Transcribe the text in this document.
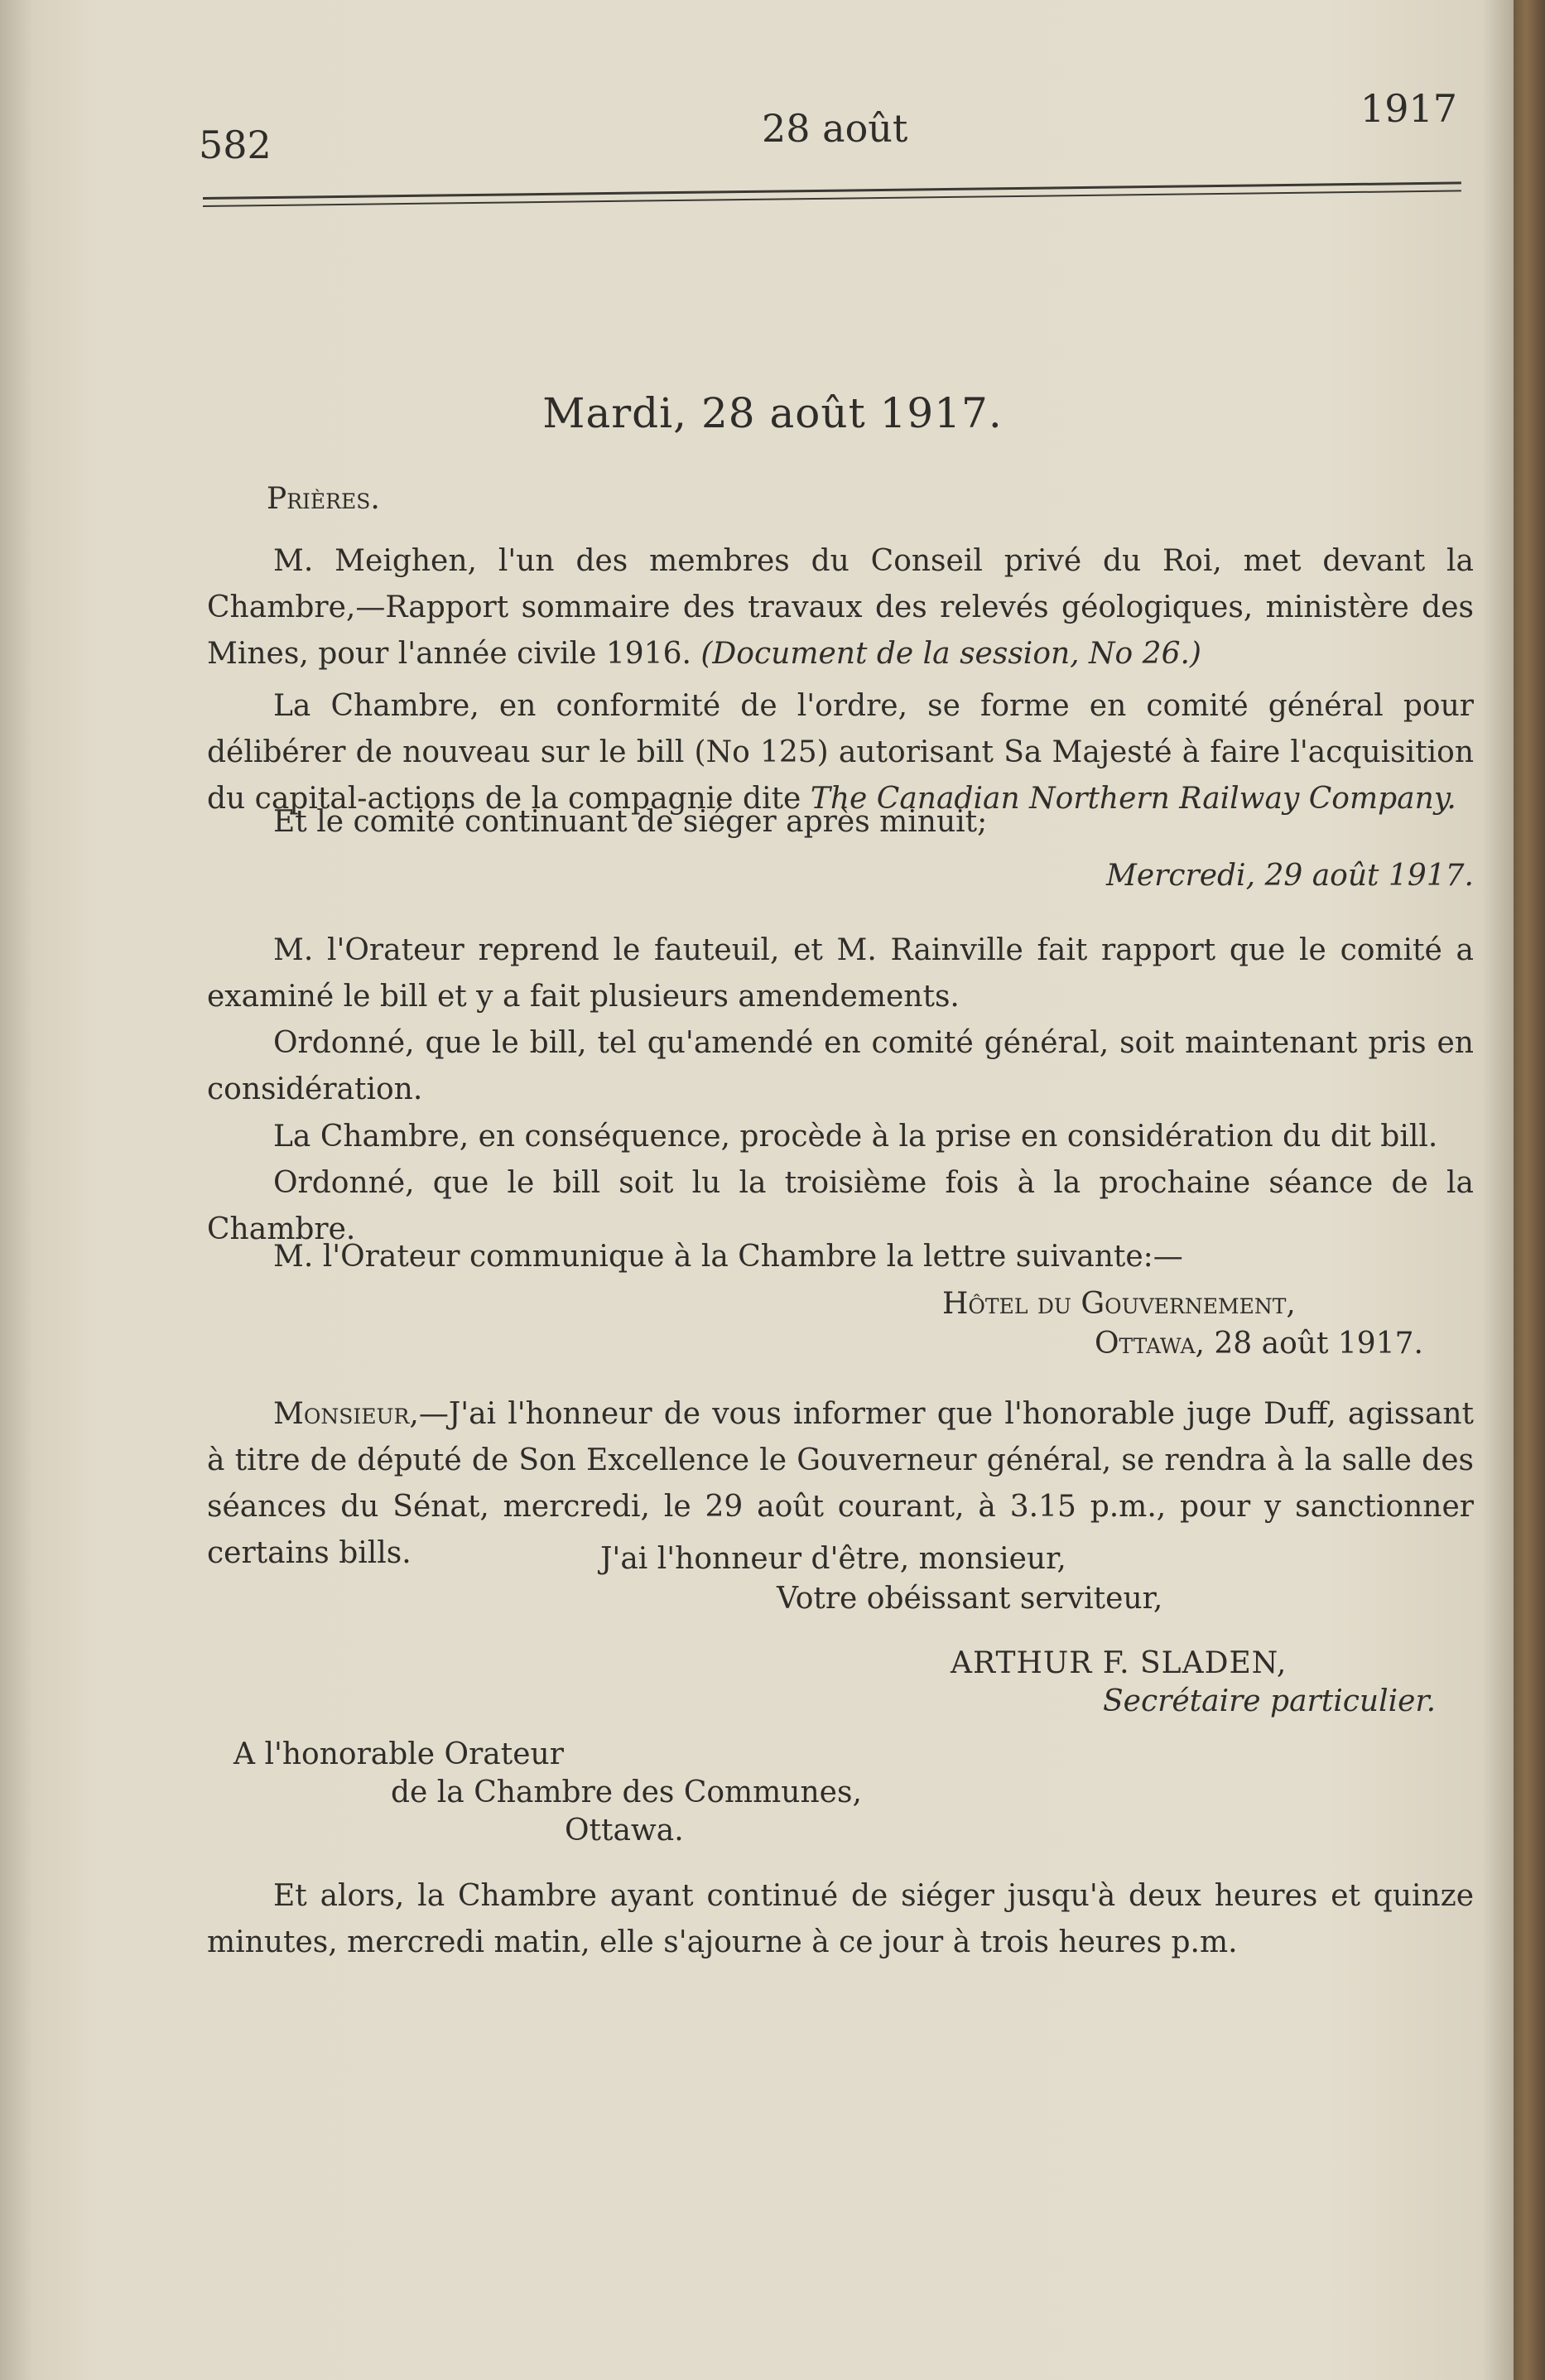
582	28 août	1917
Mardi, 28 août 1917.
Prières.
M. Meighen, l'un des membres du Conseil privé du Roi, met devant la Chambre,—Rapport sommaire des travaux des relevés géologiques, ministère des Mines, pour l'année civile 1916. (Document de la session, No 26.)
La Chambre, en conformité de l'ordre, se forme en comité général pour délibérer de nouveau sur le bill (No 125) autorisant Sa Majesté à faire l'acquisition du capital-actions de la compagnie dite The Canadian Northern Railway Company.
Et le comité continuant de siéger après minuit;
Mercredi, 29 août 1917.
M. l'Orateur reprend le fauteuil, et M. Rainville fait rapport que le comité a examiné le bill et y a fait plusieurs amendements.
Ordonné, que le bill, tel qu'amendé en comité général, soit maintenant pris en considération.
La Chambre, en conséquence, procède à la prise en considération du dit bill.
Ordonné, que le bill soit lu la troisième fois à la prochaine séance de la Chambre.
M. l'Orateur communique à la Chambre la lettre suivante:—
Hôtel du Gouvernement,
Ottawa, 28 août 1917.
Monsieur,—J'ai l'honneur de vous informer que l'honorable juge Duff, agissant à titre de député de Son Excellence le Gouverneur général, se rendra à la salle des séances du Sénat, mercredi, le 29 août courant, à 3.15 p.m., pour y sanctionner certains bills.	J'ai l'honneur d'être, monsieur,
Votre obéissant serviteur,
ARTHUR F. SLADEN,
Secrétaire particulier.
A l'honorable Orateur
de la Chambre des Communes,
Ottawa.
Et alors, la Chambre ayant continué de siéger jusqu'à deux heures et quinze minutes, mercredi matin, elle s'ajourne à ce jour à trois heures p.m.
